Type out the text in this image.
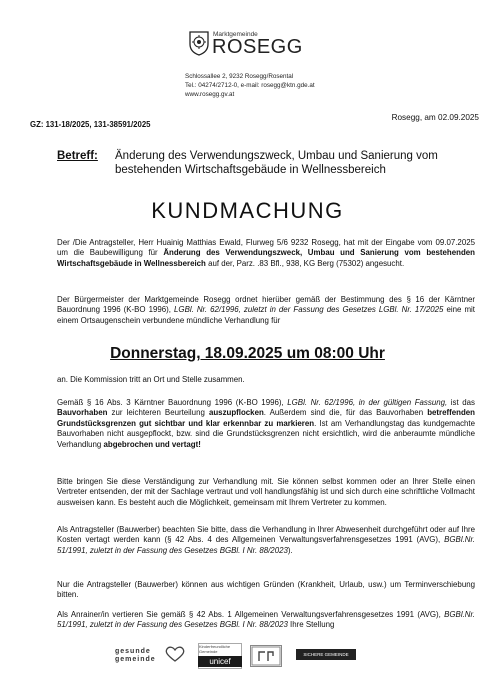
Marktgemeinde
ROSEGG
Schlossallee 2, 9232 Rosegg/Rosental
Tel.: 04274/2712-0, e-mail: rosegg@ktn.gde.at
www.rosegg.gv.at
Rosegg, am 02.09.2025
GZ: 131-18/2025, 131-38591/2025
Betreff: Änderung des Verwendungszweck, Umbau und Sanierung vom bestehenden Wirtschaftsgebäude in Wellnessbereich
KUNDMACHUNG
Der /Die Antragsteller, Herr Huainig Matthias Ewald, Flurweg 5/6 9232 Rosegg, hat mit der Eingabe vom 09.07.2025 um die Baubewilligung für Änderung des Verwendungszweck, Umbau und Sanierung vom bestehenden Wirtschaftsgebäude in Wellnessbereich auf der, Parz. .83 Bfl., 938, KG Berg (75302) angesucht.
Der Bürgermeister der Marktgemeinde Rosegg ordnet hierüber gemäß der Bestimmung des § 16 der Kärntner Bauordnung 1996 (K-BO 1996), LGBl. Nr. 62/1996, zuletzt in der Fassung des Gesetzes LGBl. Nr. 17/2025 eine mit einem Ortsaugenschein verbundene mündliche Verhandlung für
Donnerstag, 18.09.2025 um 08:00 Uhr
an. Die Kommission tritt an Ort und Stelle zusammen.
Gemäß § 16 Abs. 3 Kärntner Bauordnung 1996 (K-BO 1996), LGBl. Nr. 62/1996, in der gültigen Fassung, ist das Bauvorhaben zur leichteren Beurteilung auszupflocken. Außerdem sind die, für das Bauvorhaben betreffenden Grundstücksgrenzen gut sichtbar und klar erkennbar zu markieren. Ist am Verhandlungstag das kundgemachte Bauvorhaben nicht ausgepflockt, bzw. sind die Grundstücksgrenzen nicht ersichtlich, wird die anberaumte mündliche Verhandlung abgebrochen und vertagt!
Bitte bringen Sie diese Verständigung zur Verhandlung mit. Sie können selbst kommen oder an Ihrer Stelle einen Vertreter entsenden, der mit der Sachlage vertraut und voll handlungsfähig ist und sich durch eine schriftliche Vollmacht ausweisen kann. Es besteht auch die Möglichkeit, gemeinsam mit Ihrem Vertreter zu kommen.
Als Antragsteller (Bauwerber) beachten Sie bitte, dass die Verhandlung in Ihrer Abwesenheit durchgeführt oder auf Ihre Kosten vertagt werden kann (§ 42 Abs. 4 des Allgemeinen Verwaltungsverfahrensgesetzes 1991 (AVG), BGBl.Nr. 51/1991, zuletzt in der Fassung des Gesetzes BGBl. I Nr. 88/2023).
Nur die Antragsteller (Bauwerber) können aus wichtigen Gründen (Krankheit, Urlaub, usw.) um Terminverschiebung bitten.
Als Anrainer/in vertieren Sie gemäß § 42 Abs. 1 Allgemeinen Verwaltungsverfahrensgesetzes 1991 (AVG), BGBl.Nr. 51/1991, zuletzt in der Fassung des Gesetzes BGBl. I Nr. 88/2023 Ihre Stellung
gesunde
gemeinde
Kinderfreundliche Gemeinde
unicef
SICHERE GEMEINDE
